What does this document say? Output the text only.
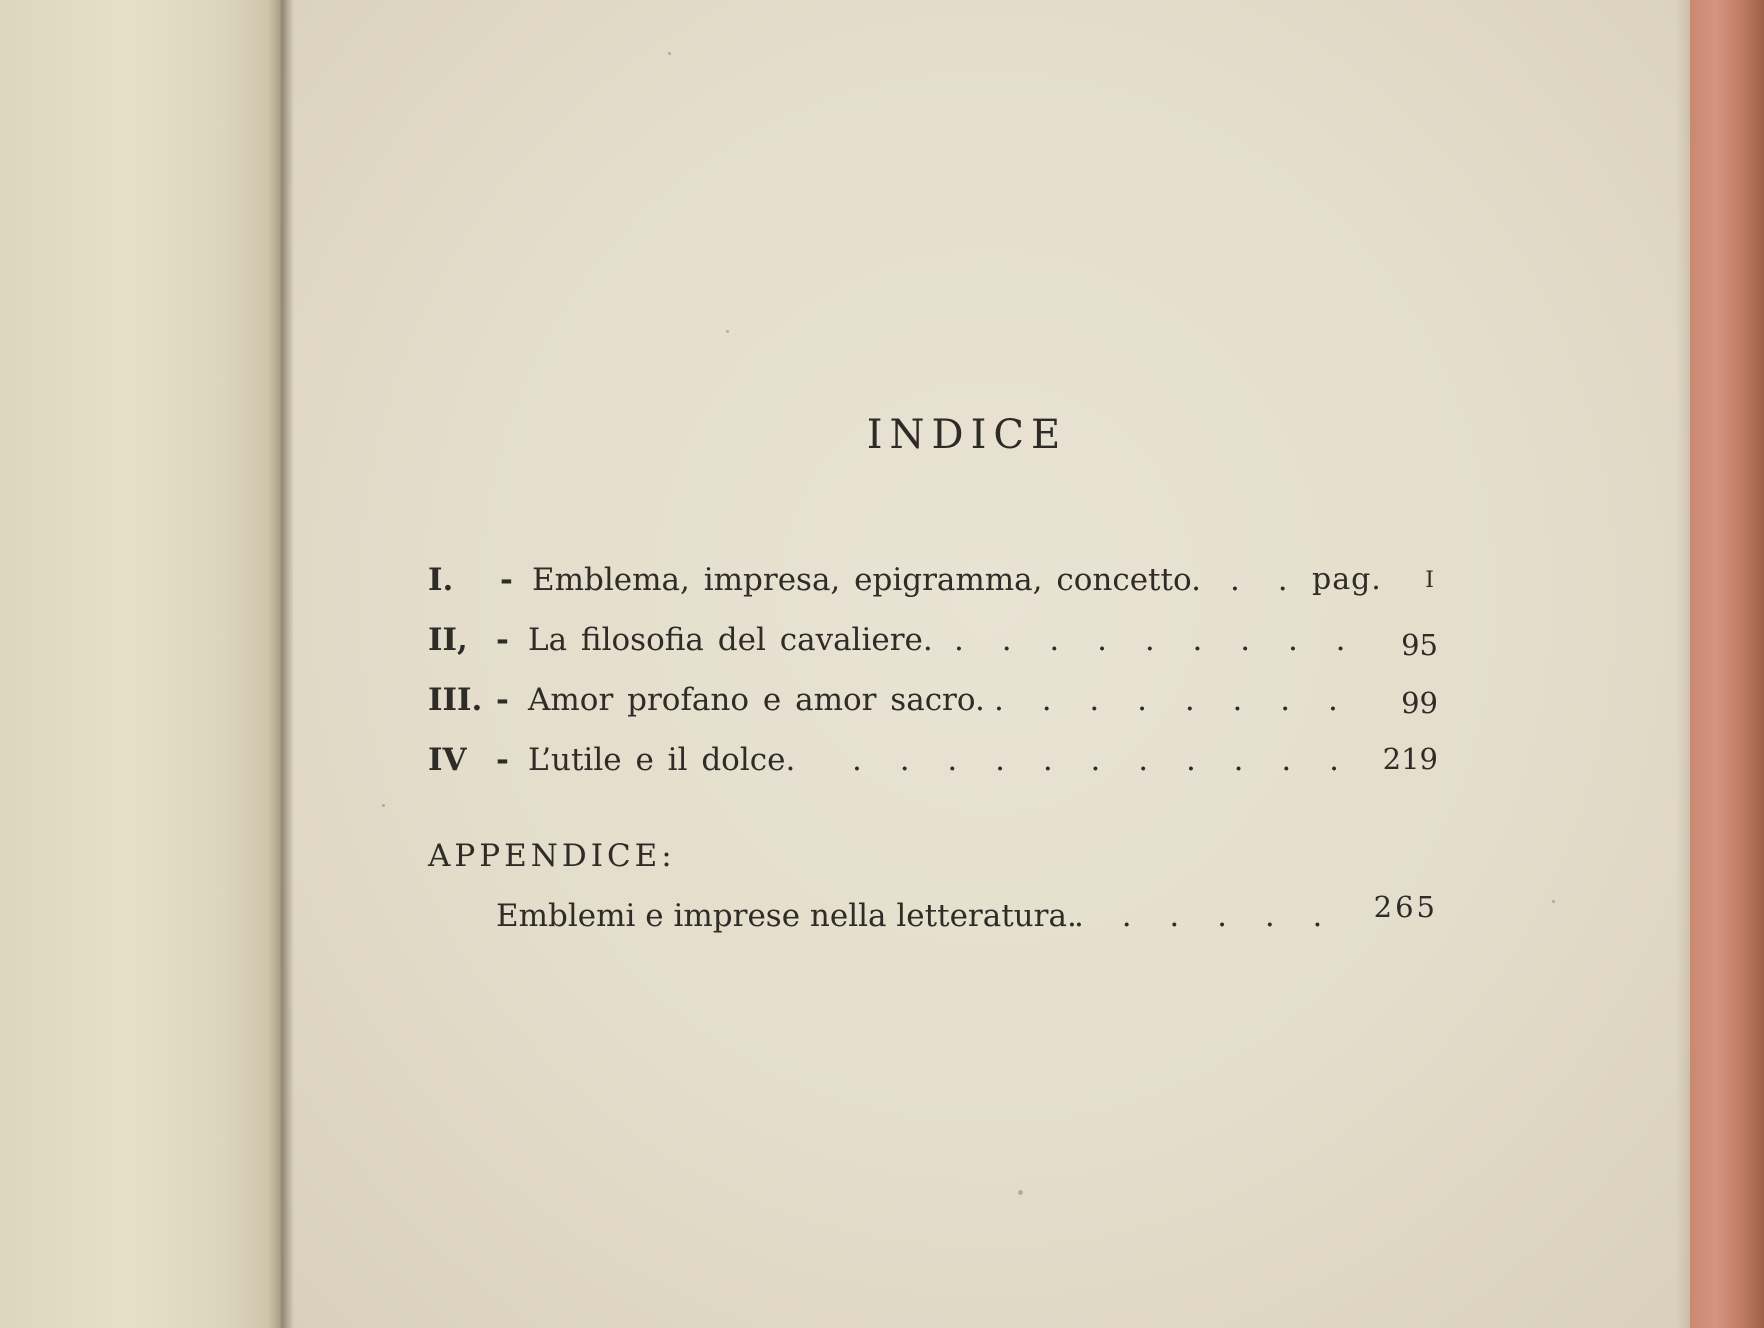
INDICE
I.	- Emblema, impresa, epigramma, concetto. . . pag. I
II, - La filosofia del cavaliere. . . . . . . . . . 95
III. - Amor profano e amor sacro. . . . . . . . . 99
IV - L’utile e il dolce. . . . . . . . . . . . 219
APPENDICE:
Emblemi e imprese nella letteratura.
. . . . . . 265
